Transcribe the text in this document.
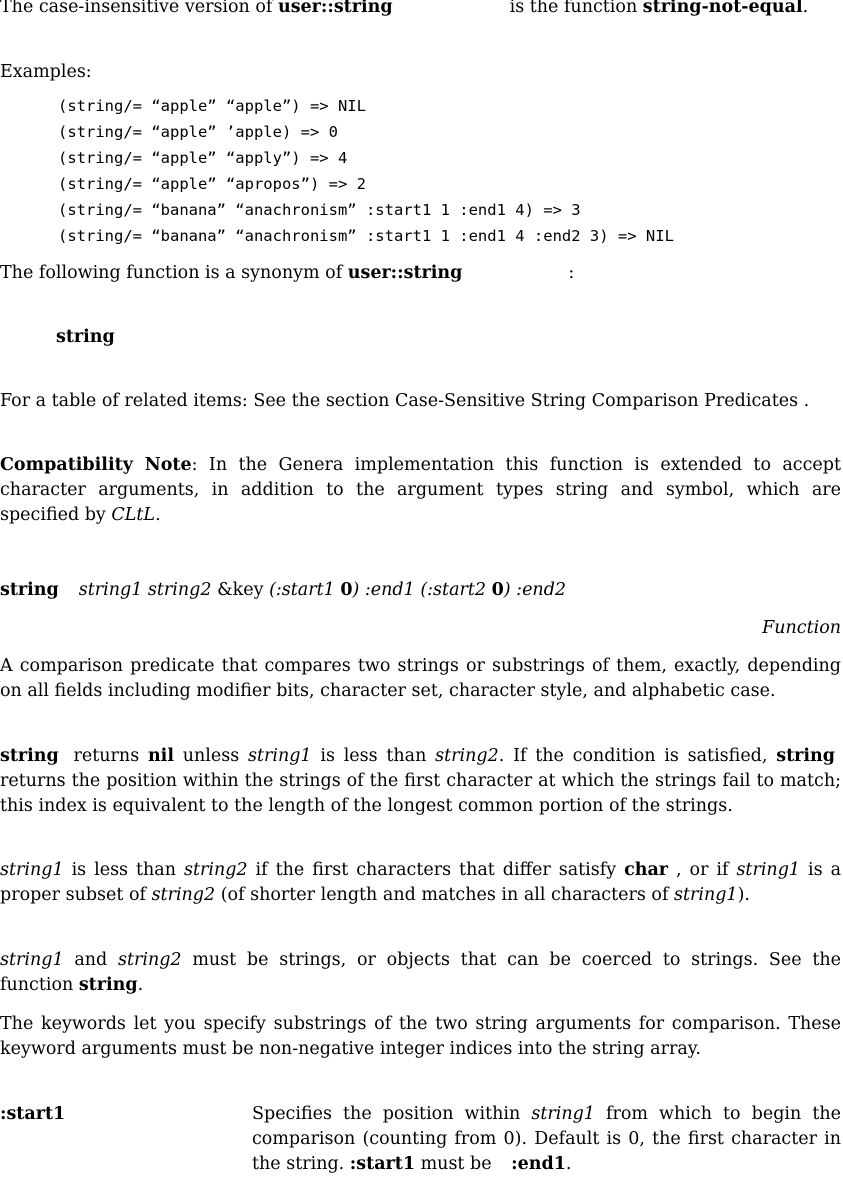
The case-insensitive version of user::string	is the function string-not-equal.

Examples:

(string/= “apple” “apple”) => NIL
(string/= “apple” ’apple) => 0
(string/= “apple” “apply”) => 4
(string/= “apple” “apropos”) => 2
(string/= “banana” “anachronism” :start1 1 :end1 4) => 3
(string/= “banana” “anachronism” :start1 1 :end1 4 :end2 3) => NIL

The following function is a synonym of user::string	:

string

For a table of related items: See the section Case-Sensitive String Comparison Predicates .

Compatibility Note: In the Genera implementation this function is extended to accept character arguments, in addition to the argument types string and symbol, which are specified by CLtL.

string string1 string2 &key (:start1 0) :end1 (:start2 0) :end2

Function

A comparison predicate that compares two strings or substrings of them, exactly, depending on all fields including modifier bits, character set, character style, and alphabetic case.

string returns nil unless string1 is less than string2. If the condition is satisfied, string returns the position within the strings of the first character at which the strings fail to match; this index is equivalent to the length of the longest common portion of the strings.

string1 is less than string2 if the first characters that differ satisfy char , or if string1 is a proper subset of string2 (of shorter length and matches in all characters of string1).

string1 and string2 must be strings, or objects that can be coerced to strings. See the function string.

The keywords let you specify substrings of the two string arguments for comparison. These keyword arguments must be non-negative integer indices into the string array.

:start1	Specifies the position within string1 from which to begin the comparison (counting from 0). Default is 0, the first character in the string. :start1 must be :end1.
